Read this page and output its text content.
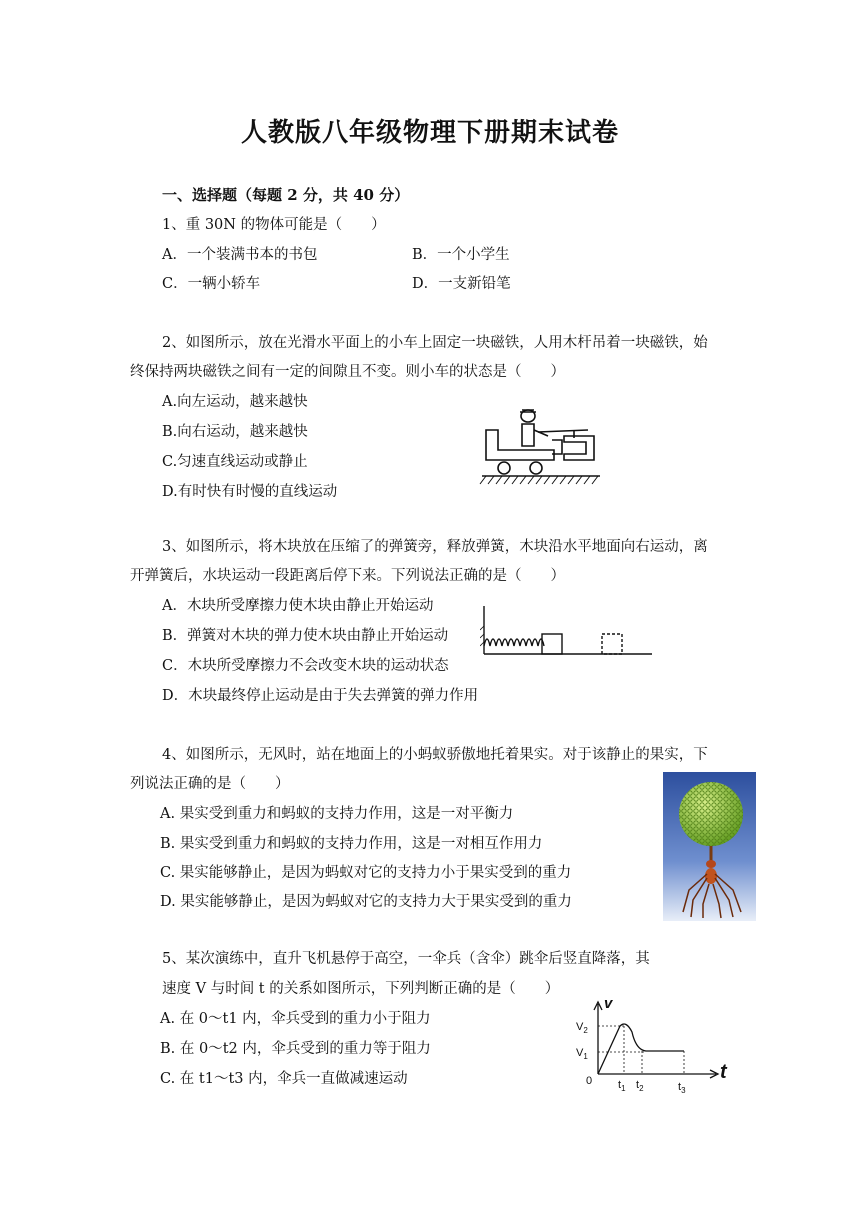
人教版八年级物理下册期末试卷
一、选择题（每题 2 分，共 40 分）
1、重 30N 的物体可能是（　　）
A．一个装满书本的书包	B．一个小学生
C．一辆小轿车	D．一支新铅笔
2、如图所示，放在光滑水平面上的小车上固定一块磁铁，人用木杆吊着一块磁铁，始
终保持两块磁铁之间有一定的间隙且不变。则小车的状态是（　　）
A.向左运动，越来越快
B.向右运动，越来越快
C.匀速直线运动或静止
D.有时快有时慢的直线运动
3、如图所示，将木块放在压缩了的弹簧旁，释放弹簧，木块沿水平地面向右运动，离
开弹簧后，水块运动一段距离后停下来。下列说法正确的是（　　）
A．木块所受摩擦力使木块由静止开始运动
B．弹簧对木块的弹力使木块由静止开始运动
C．木块所受摩擦力不会改变木块的运动状态
D．木块最终停止运动是由于失去弹簧的弹力作用
4、如图所示，无风时，站在地面上的小蚂蚁骄傲地托着果实。对于该静止的果实，下
列说法正确的是（　　）
A. 果实受到重力和蚂蚁的支持力作用，这是一对平衡力
B. 果实受到重力和蚂蚁的支持力作用，这是一对相互作用力
C. 果实能够静止，是因为蚂蚁对它的支持力小于果实受到的重力
D. 果实能够静止，是因为蚂蚁对它的支持力大于果实受到的重力
5、某次演练中，直升飞机悬停于高空，一伞兵（含伞）跳伞后竖直降落，其
速度 V 与时间 t 的关系如图所示，下列判断正确的是（　　）
A. 在 0～t1 内，伞兵受到的重力小于阻力
B. 在 0～t2 内，伞兵受到的重力等于阻力
C. 在 t1～t3 内，伞兵一直做减速运动
v
t
0
$V_2$
$V_1$
$t_1$ $t_2$	$t_3$
